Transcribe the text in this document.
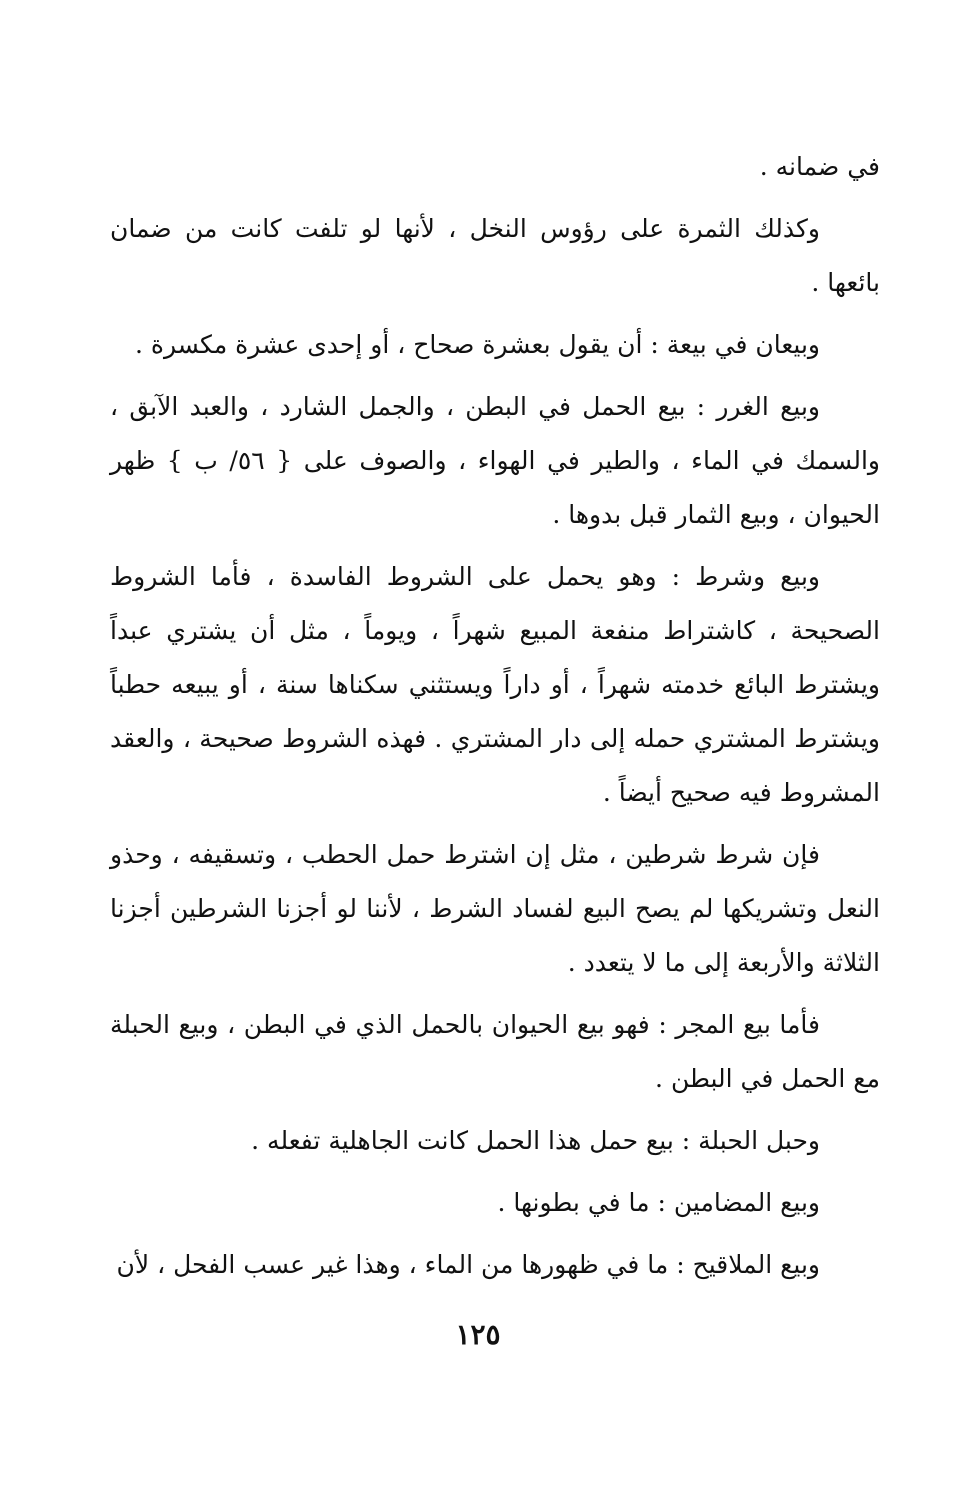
في ضمانه .

وكذلك الثمرة على رؤوس النخل ، لأنها لو تلفت كانت من ضمان بائعها .

وبيعان في بيعة : أن يقول بعشرة صحاح ، أو إحدى عشرة مكسرة .

وبيع الغرر : بيع الحمل في البطن ، والجمل الشارد ، والعبد الآبق ، والسمك في الماء ، والطير في الهواء ، والصوف على { ٥٦/ ب } ظهر الحيوان ، وبيع الثمار قبل بدوها .

وبيع وشرط : وهو يحمل على الشروط الفاسدة ، فأما الشروط الصحيحة ، كاشتراط منفعة المبيع شهراً ، ويوماً ، مثل أن يشتري عبداً ويشترط البائع خدمته شهراً ، أو داراً ويستثني سكناها سنة ، أو يبيعه حطباً ويشترط المشتري حمله إلى دار المشتري . فهذه الشروط صحيحة ، والعقد المشروط فيه صحيح أيضاً .

فإن شرط شرطين ، مثل إن اشترط حمل الحطب ، وتسقيفه ، وحذو النعل وتشريكها لم يصح البيع لفساد الشرط ، لأننا لو أجزنا الشرطين أجزنا الثلاثة والأربعة إلى ما لا يتعدد .

فأما بيع المجر : فهو بيع الحيوان بالحمل الذي في البطن ، وبيع الحبلة مع الحمل في البطن .

وحبل الحبلة : بيع حمل هذا الحمل كانت الجاهلية تفعله .

وبيع المضامين : ما في بطونها .

وبيع الملاقيح : ما في ظهورها من الماء ، وهذا غير عسب الفحل ، لأن

١٢٥
